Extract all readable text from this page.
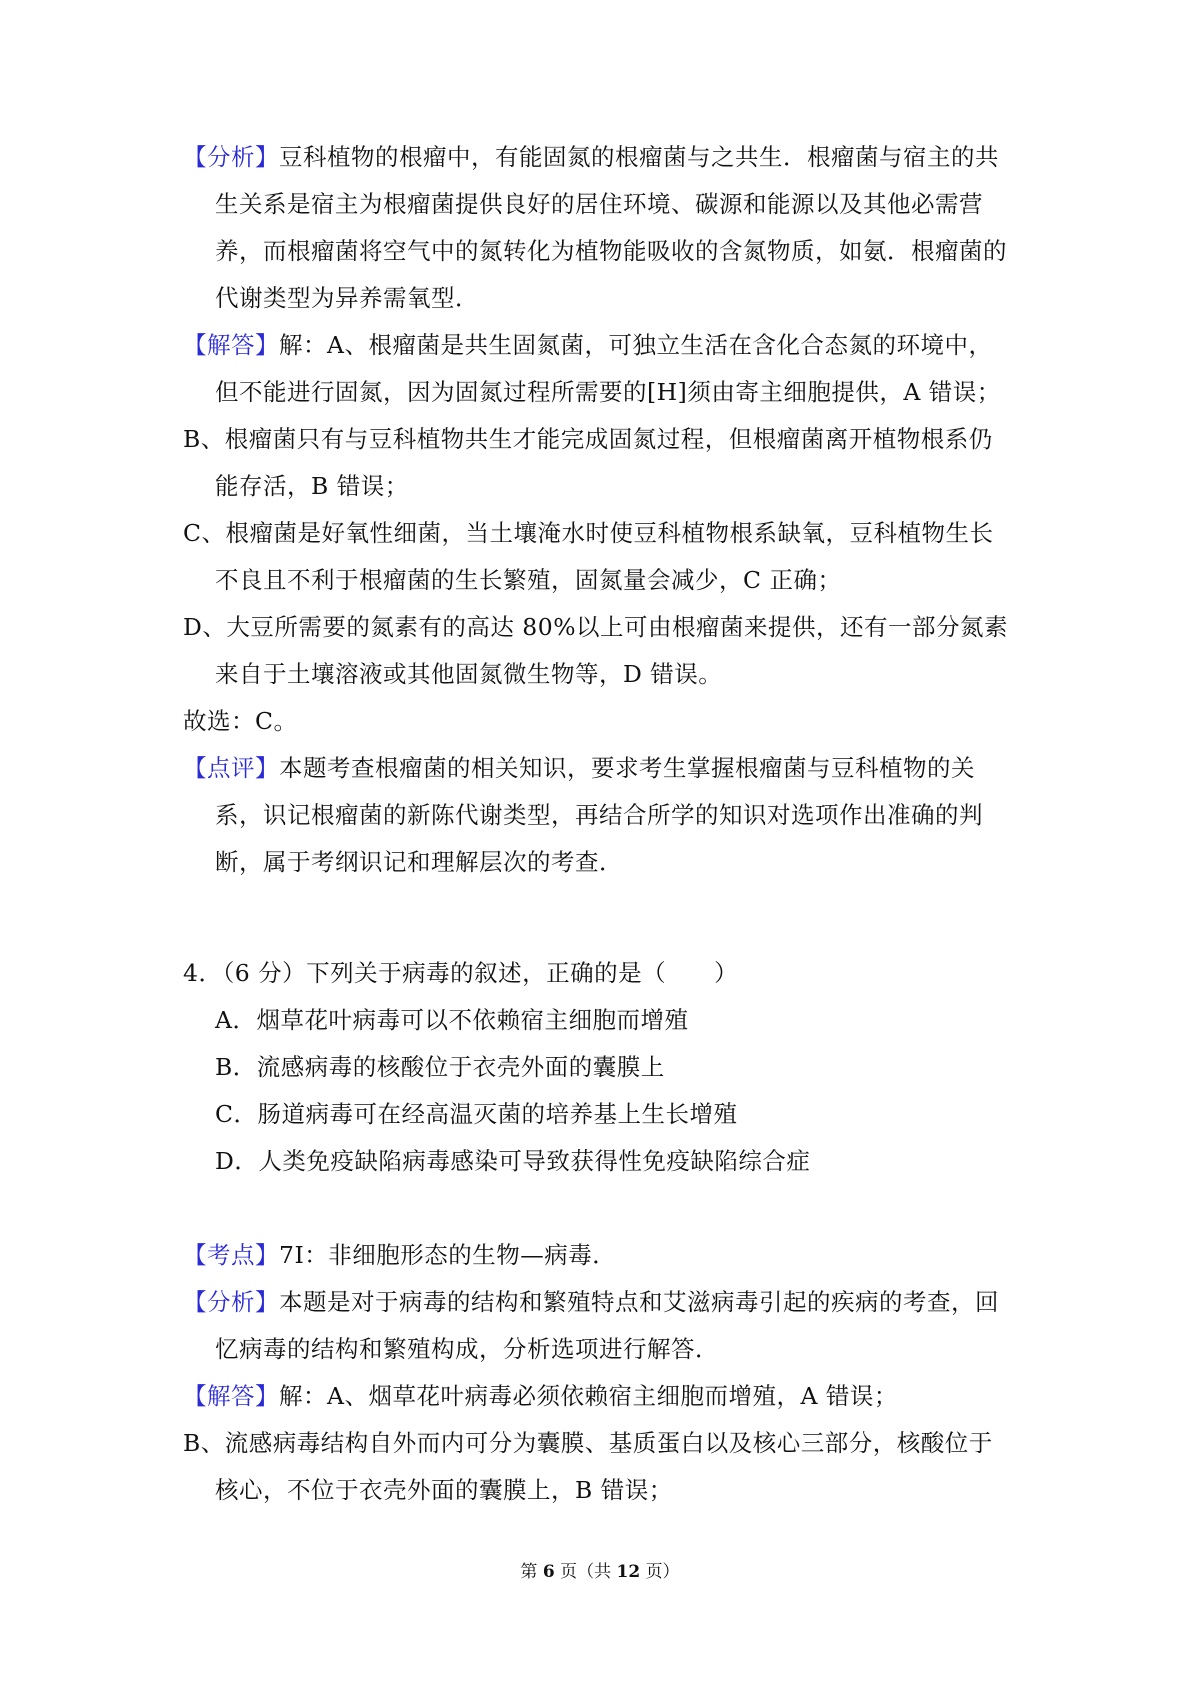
【分析】豆科植物的根瘤中，有能固氮的根瘤菌与之共生．根瘤菌与宿主的共
生关系是宿主为根瘤菌提供良好的居住环境、碳源和能源以及其他必需营
养，而根瘤菌将空气中的氮转化为植物能吸收的含氮物质，如氨．根瘤菌的
代谢类型为异养需氧型．
【解答】解：A、根瘤菌是共生固氮菌，可独立生活在含化合态氮的环境中，
但不能进行固氮，因为固氮过程所需要的[H]须由寄主细胞提供，A 错误；
B、根瘤菌只有与豆科植物共生才能完成固氮过程，但根瘤菌离开植物根系仍
能存活，B 错误；
C、根瘤菌是好氧性细菌，当土壤淹水时使豆科植物根系缺氧，豆科植物生长
不良且不利于根瘤菌的生长繁殖，固氮量会减少，C 正确；
D、大豆所需要的氮素有的高达 80%以上可由根瘤菌来提供，还有一部分氮素
来自于土壤溶液或其他固氮微生物等，D 错误。
故选：C。
【点评】本题考查根瘤菌的相关知识，要求考生掌握根瘤菌与豆科植物的关
系，识记根瘤菌的新陈代谢类型，再结合所学的知识对选项作出准确的判
断，属于考纲识记和理解层次的考查．
4．（6 分）下列关于病毒的叙述，正确的是（　　）
A．烟草花叶病毒可以不依赖宿主细胞而增殖
B．流感病毒的核酸位于衣壳外面的囊膜上
C．肠道病毒可在经高温灭菌的培养基上生长增殖
D．人类免疫缺陷病毒感染可导致获得性免疫缺陷综合症
【考点】7I：非细胞形态的生物—病毒．
【分析】本题是对于病毒的结构和繁殖特点和艾滋病毒引起的疾病的考查，回
忆病毒的结构和繁殖构成，分析选项进行解答．
【解答】解：A、烟草花叶病毒必须依赖宿主细胞而增殖，A 错误；
B、流感病毒结构自外而内可分为囊膜、基质蛋白以及核心三部分，核酸位于
核心，不位于衣壳外面的囊膜上，B 错误；
第 6 页（共 12 页）
